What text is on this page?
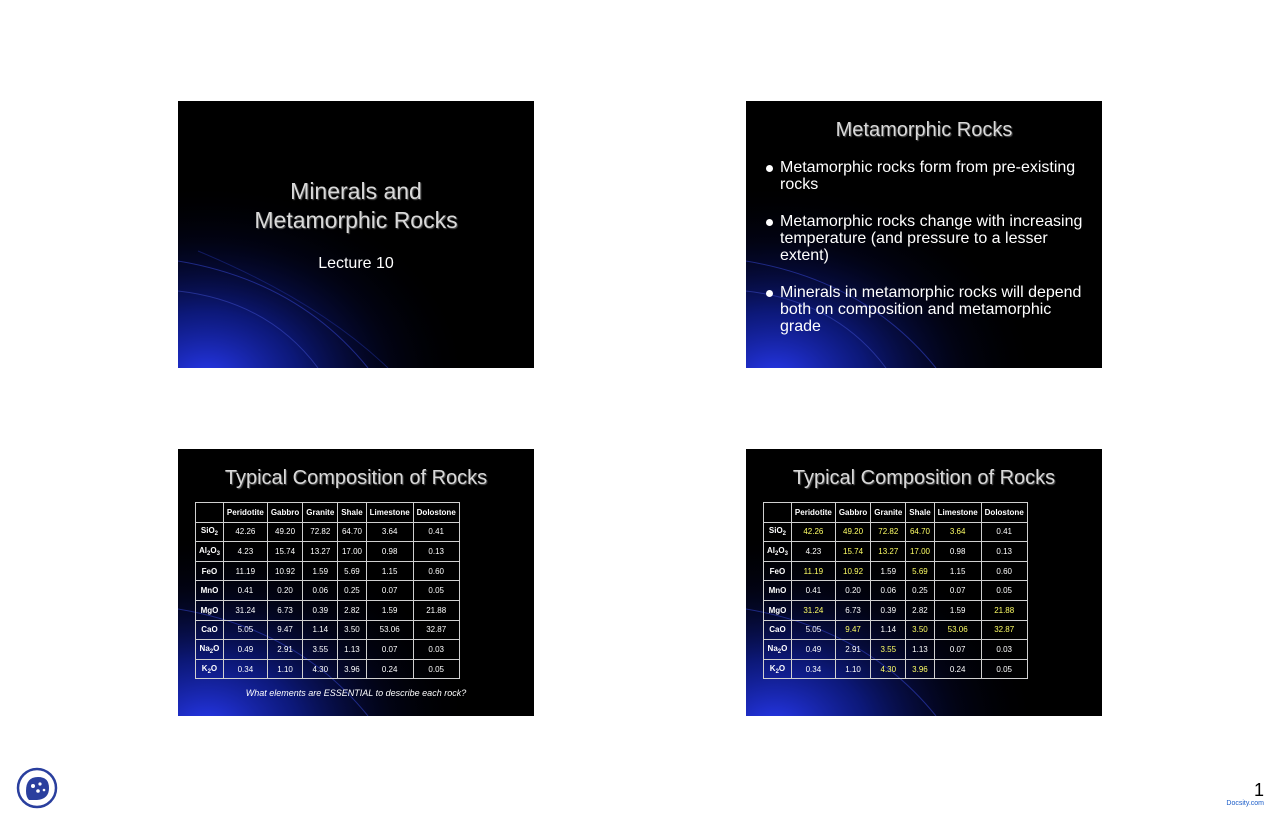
Minerals and
Metamorphic Rocks
Lecture 10
Metamorphic Rocks
Metamorphic rocks form from pre-existing rocks
Metamorphic rocks change with increasing temperature (and pressure to a lesser extent)
Minerals in metamorphic rocks will depend both on composition and metamorphic grade
Typical Composition of Rocks
	Peridotite	Gabbro	Granite	Shale	Limestone	Dolostone
SiO$_2$	42.26	49.20	72.82	64.70	3.64	0.41
$Al_2O_3$	4.23	15.74	13.27	17.00	0.98	0.13
FeO	11.19	10.92	1.59	5.69	1.15	0.60
MnO	0.41	0.20	0.06	0.25	0.07	0.05
MgO	31.24	6.73	0.39	2.82	1.59	21.88
CaO	5.05	9.47	1.14	3.50	53.06	32.87
$Na_2O$	0.49	2.91	3.55	1.13	0.07	0.03
$K_2O$	0.34	1.10	4.30	3.96	0.24	0.05
What elements are ESSENTIAL to describe each rock?
Typical Composition of Rocks
	Peridotite	Gabbro	Granite	Shale	Limestone	Dolostone
SiO$_2$	42.26	49.20	72.82	64.70	3.64	0.41
$Al_2O_3$	4.23	15.74	13.27	17.00	0.98	0.13
FeO	11.19	10.92	1.59	5.69	1.15	0.60
MnO	0.41	0.20	0.06	0.25	0.07	0.05
MgO	31.24	6.73	0.39	2.82	1.59	21.88
CaO	5.05	9.47	1.14	3.50	53.06	32.87
$Na_2O$	0.49	2.91	3.55	1.13	0.07	0.03
$K_2O$	0.34	1.10	4.30	3.96	0.24	0.05
1
Docsity.com
